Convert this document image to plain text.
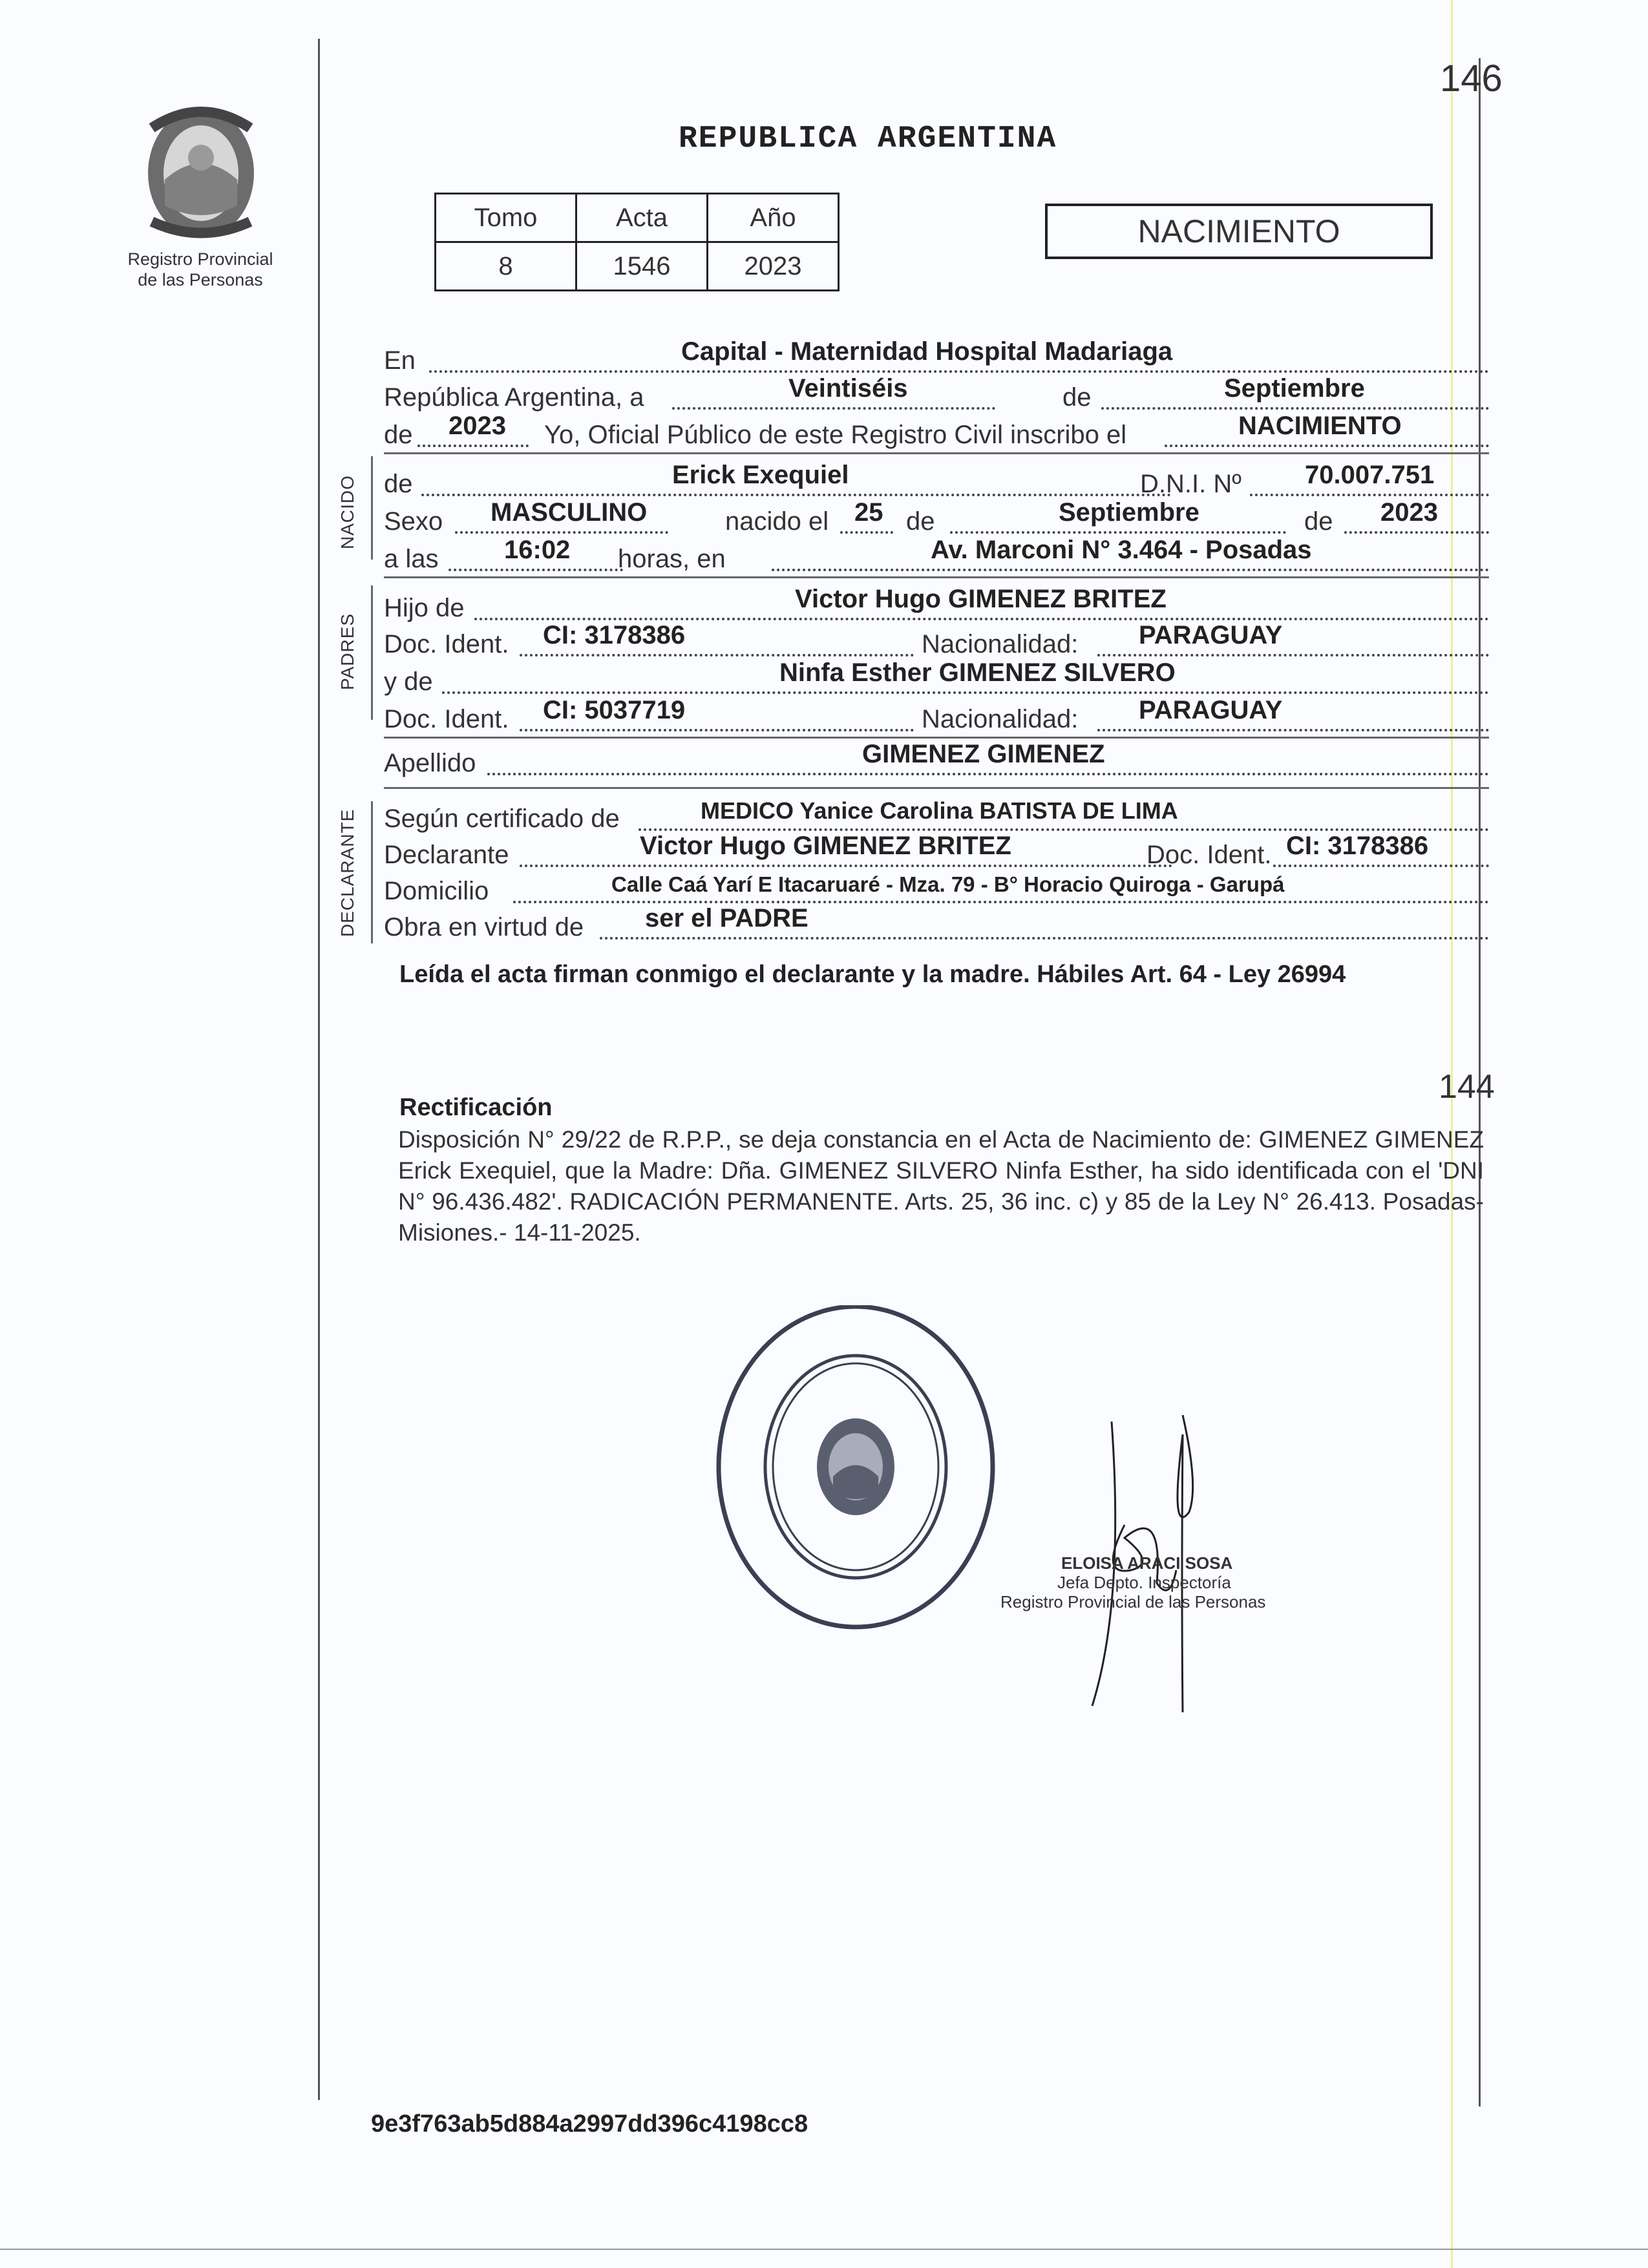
146
Registro Provincial
de las Personas
REPUBLICA ARGENTINA
Tomo	Acta	Año
8	1546	2023
NACIMIENTO
En	Capital - Maternidad Hospital Madariaga
República Argentina, a	Veintiséis	de	Septiembre
de 2023 Yo, Oficial Público de este Registro Civil inscribo el	NACIMIENTO
NACIDO de	Erick Exequiel	D.N.I. Nº 70.007.751
Sexo MASCULINO	nacido el 25 de	Septiembre	de 2023
a las	16:02 horas, en	Av. Marconi N° 3.464 - Posadas
PADRES
Hijo de	Victor Hugo GIMENEZ BRITEZ
Doc. Ident. CI: 3178386	Nacionalidad: PARAGUAY
y de	Ninfa Esther GIMENEZ SILVERO
Doc. Ident. CI: 5037719	Nacionalidad: PARAGUAY
Apellido	GIMENEZ GIMENEZ
DECLARANTE Según certificado de	MEDICO Yanice Carolina BATISTA DE LIMA
Declarante	Victor Hugo GIMENEZ BRITEZ	Doc. Ident. CI: 3178386
Domicilio	Calle Caá Yarí E Itacaruaré - Mza. 79 - B° Horacio Quiroga - Garupá
Obra en virtud de ser el PADRE
Leída el acta firman conmigo el declarante y la madre. Hábiles Art. 64 - Ley 26994
144
Rectificación
Disposición N° 29/22 de R.P.P., se deja constancia en el Acta de Nacimiento de: GIMENEZ GIMENEZ Erick Exequiel, que la Madre: Dña. GIMENEZ SILVERO Ninfa Esther, ha sido identificada con el 'DNI N° 96.436.482'. RADICACIÓN PERMANENTE. Arts. 25, 36 inc. c) y 85 de la Ley N° 26.413. Posadas- Misiones.- 14-11-2025.
ELOISA ARACI SOSA
Jefa Depto. Inspectoría
Registro Provincial de las Personas
9e3f763ab5d884a2997dd396c4198cc8
